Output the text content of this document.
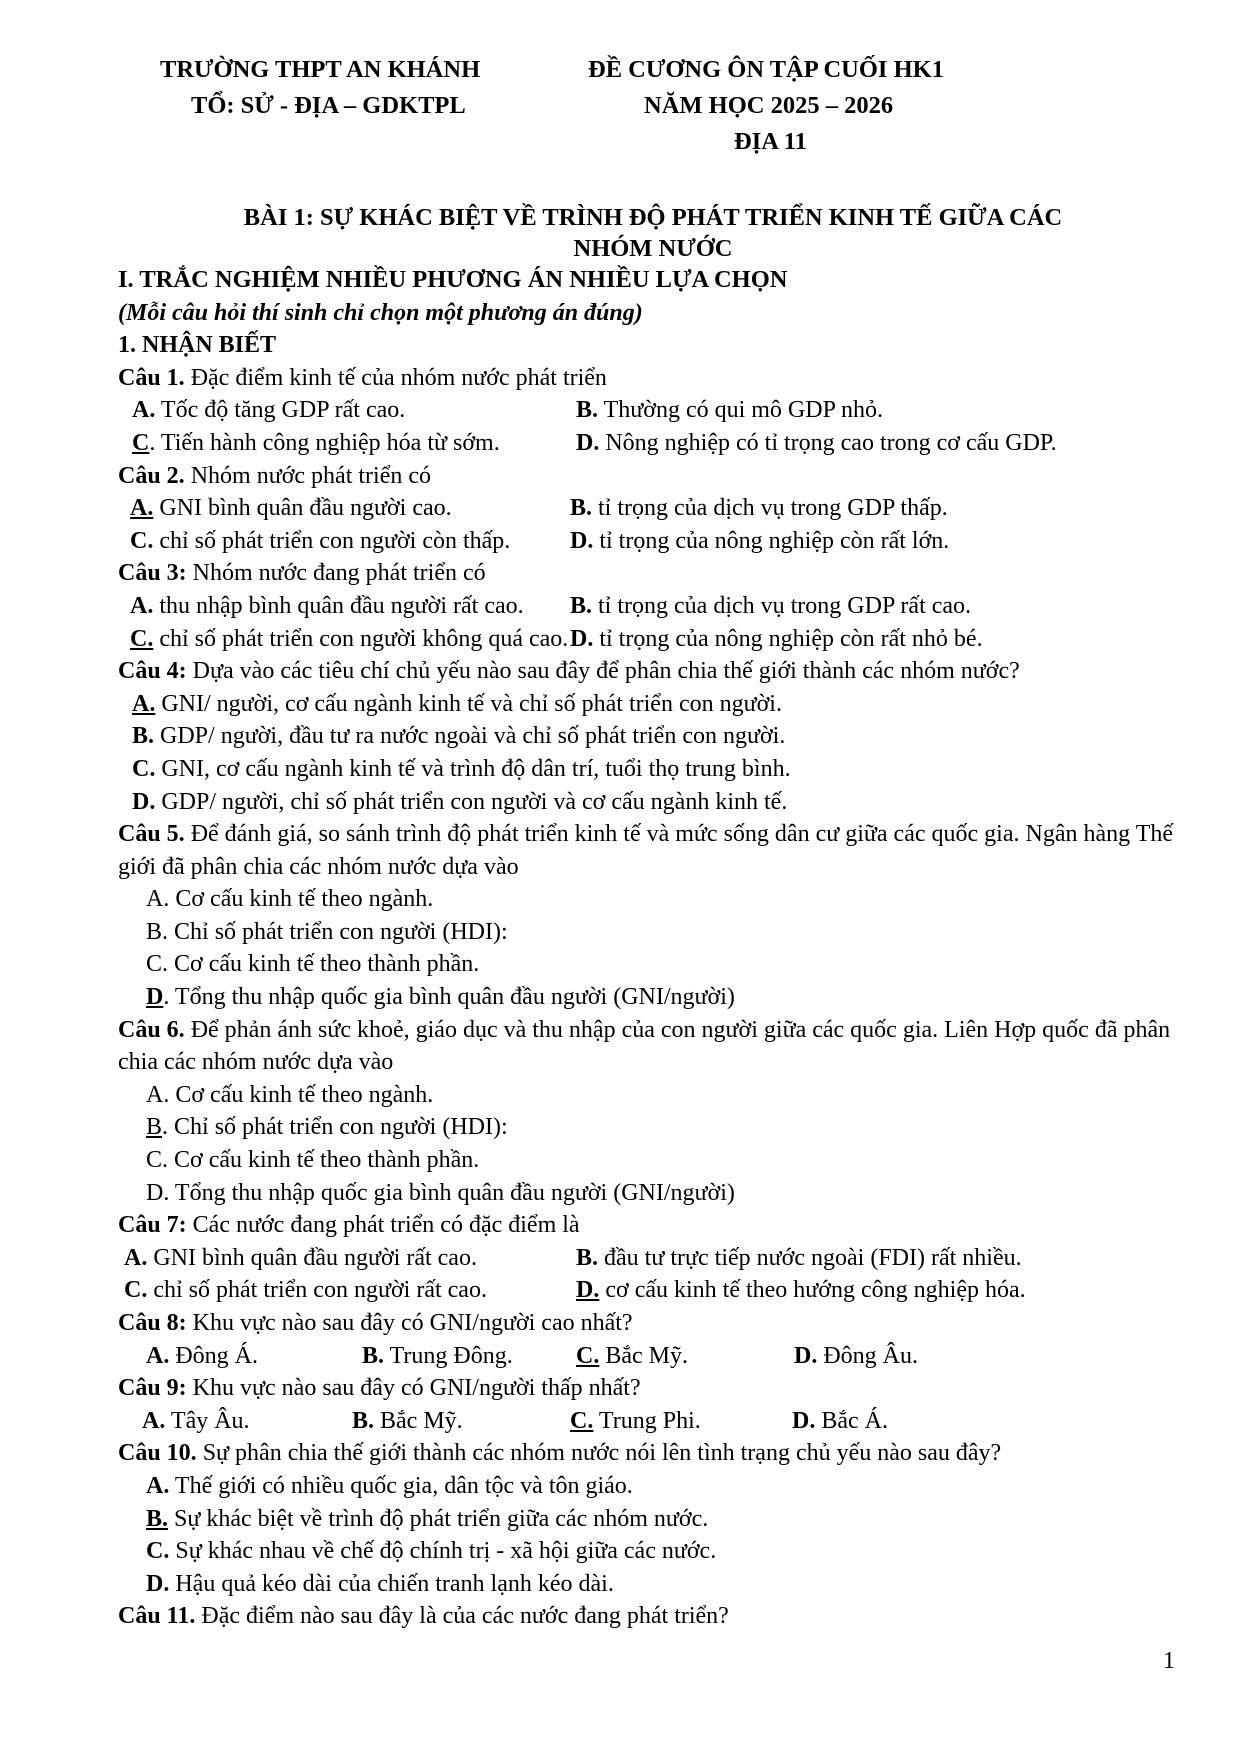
TRƯỜNG THPT AN KHÁNH
TỔ: SỬ - ĐỊA – GDKTPL
ĐỀ CƯƠNG ÔN TẬP CUỐI HK1
NĂM HỌC 2025 – 2026
ĐỊA 11
BÀI 1: SỰ KHÁC BIỆT VỀ TRÌNH ĐỘ PHÁT TRIỂN KINH TẾ GIỮA CÁC
NHÓM NƯỚC
I. TRẮC NGHIỆM NHIỀU PHƯƠNG ÁN NHIỀU LỰA CHỌN
(Mỗi câu hỏi thí sinh chỉ chọn một phương án đúng)
1. NHẬN BIẾT
Câu 1. Đặc điểm kinh tế của nhóm nước phát triển
A. Tốc độ tăng GDP rất cao.	B. Thường có qui mô GDP nhỏ.
C. Tiến hành công nghiệp hóa từ sớm.	D. Nông nghiệp có tỉ trọng cao trong cơ cấu GDP.
Câu 2. Nhóm nước phát triển có
A. GNI bình quân đầu người cao.	B. tỉ trọng của dịch vụ trong GDP thấp.
C. chỉ số phát triển con người còn thấp.	D. tỉ trọng của nông nghiệp còn rất lớn.
Câu 3: Nhóm nước đang phát triển có
A. thu nhập bình quân đầu người rất cao.	B. tỉ trọng của dịch vụ trong GDP rất cao.
C. chỉ số phát triển con người không quá cao. D. tỉ trọng của nông nghiệp còn rất nhỏ bé.
Câu 4: Dựa vào các tiêu chí chủ yếu nào sau đây để phân chia thế giới thành các nhóm nước?
A. GNI/ người, cơ cấu ngành kinh tế và chỉ số phát triển con người.
B. GDP/ người, đầu tư ra nước ngoài và chỉ số phát triển con người.
C. GNI, cơ cấu ngành kinh tế và trình độ dân trí, tuổi thọ trung bình.
D. GDP/ người, chỉ số phát triển con người và cơ cấu ngành kinh tế.
Câu 5. Để đánh giá, so sánh trình độ phát triển kinh tế và mức sống dân cư giữa các quốc gia. Ngân hàng Thế giới đã phân chia các nhóm nước dựa vào
A. Cơ cấu kinh tế theo ngành.
B. Chỉ số phát triển con người (HDI):
C. Cơ cấu kinh tế theo thành phần.
D. Tổng thu nhập quốc gia bình quân đầu người (GNI/người)
Câu 6. Để phản ánh sức khoẻ, giáo dục và thu nhập của con người giữa các quốc gia. Liên Hợp quốc đã phân chia các nhóm nước dựa vào
A. Cơ cấu kinh tế theo ngành.
B. Chỉ số phát triển con người (HDI):
C. Cơ cấu kinh tế theo thành phần.
D. Tổng thu nhập quốc gia bình quân đầu người (GNI/người)
Câu 7: Các nước đang phát triển có đặc điểm là
A. GNI bình quân đầu người rất cao.	B. đầu tư trực tiếp nước ngoài (FDI) rất nhiều.
C. chỉ số phát triển con người rất cao.	D. cơ cấu kinh tế theo hướng công nghiệp hóa.
Câu 8: Khu vực nào sau đây có GNI/người cao nhất?
A. Đông Á.	B. Trung Đông.	C. Bắc Mỹ.	D. Đông Âu.
Câu 9: Khu vực nào sau đây có GNI/người thấp nhất?
A. Tây Âu.	B. Bắc Mỹ.	C. Trung Phi.	D. Bắc Á.
Câu 10. Sự phân chia thế giới thành các nhóm nước nói lên tình trạng chủ yếu nào sau đây?
A. Thế giới có nhiều quốc gia, dân tộc và tôn giáo.
B. Sự khác biệt về trình độ phát triển giữa các nhóm nước.
C. Sự khác nhau về chế độ chính trị - xã hội giữa các nước.
D. Hậu quả kéo dài của chiến tranh lạnh kéo dài.
Câu 11. Đặc điểm nào sau đây là của các nước đang phát triển?
1
